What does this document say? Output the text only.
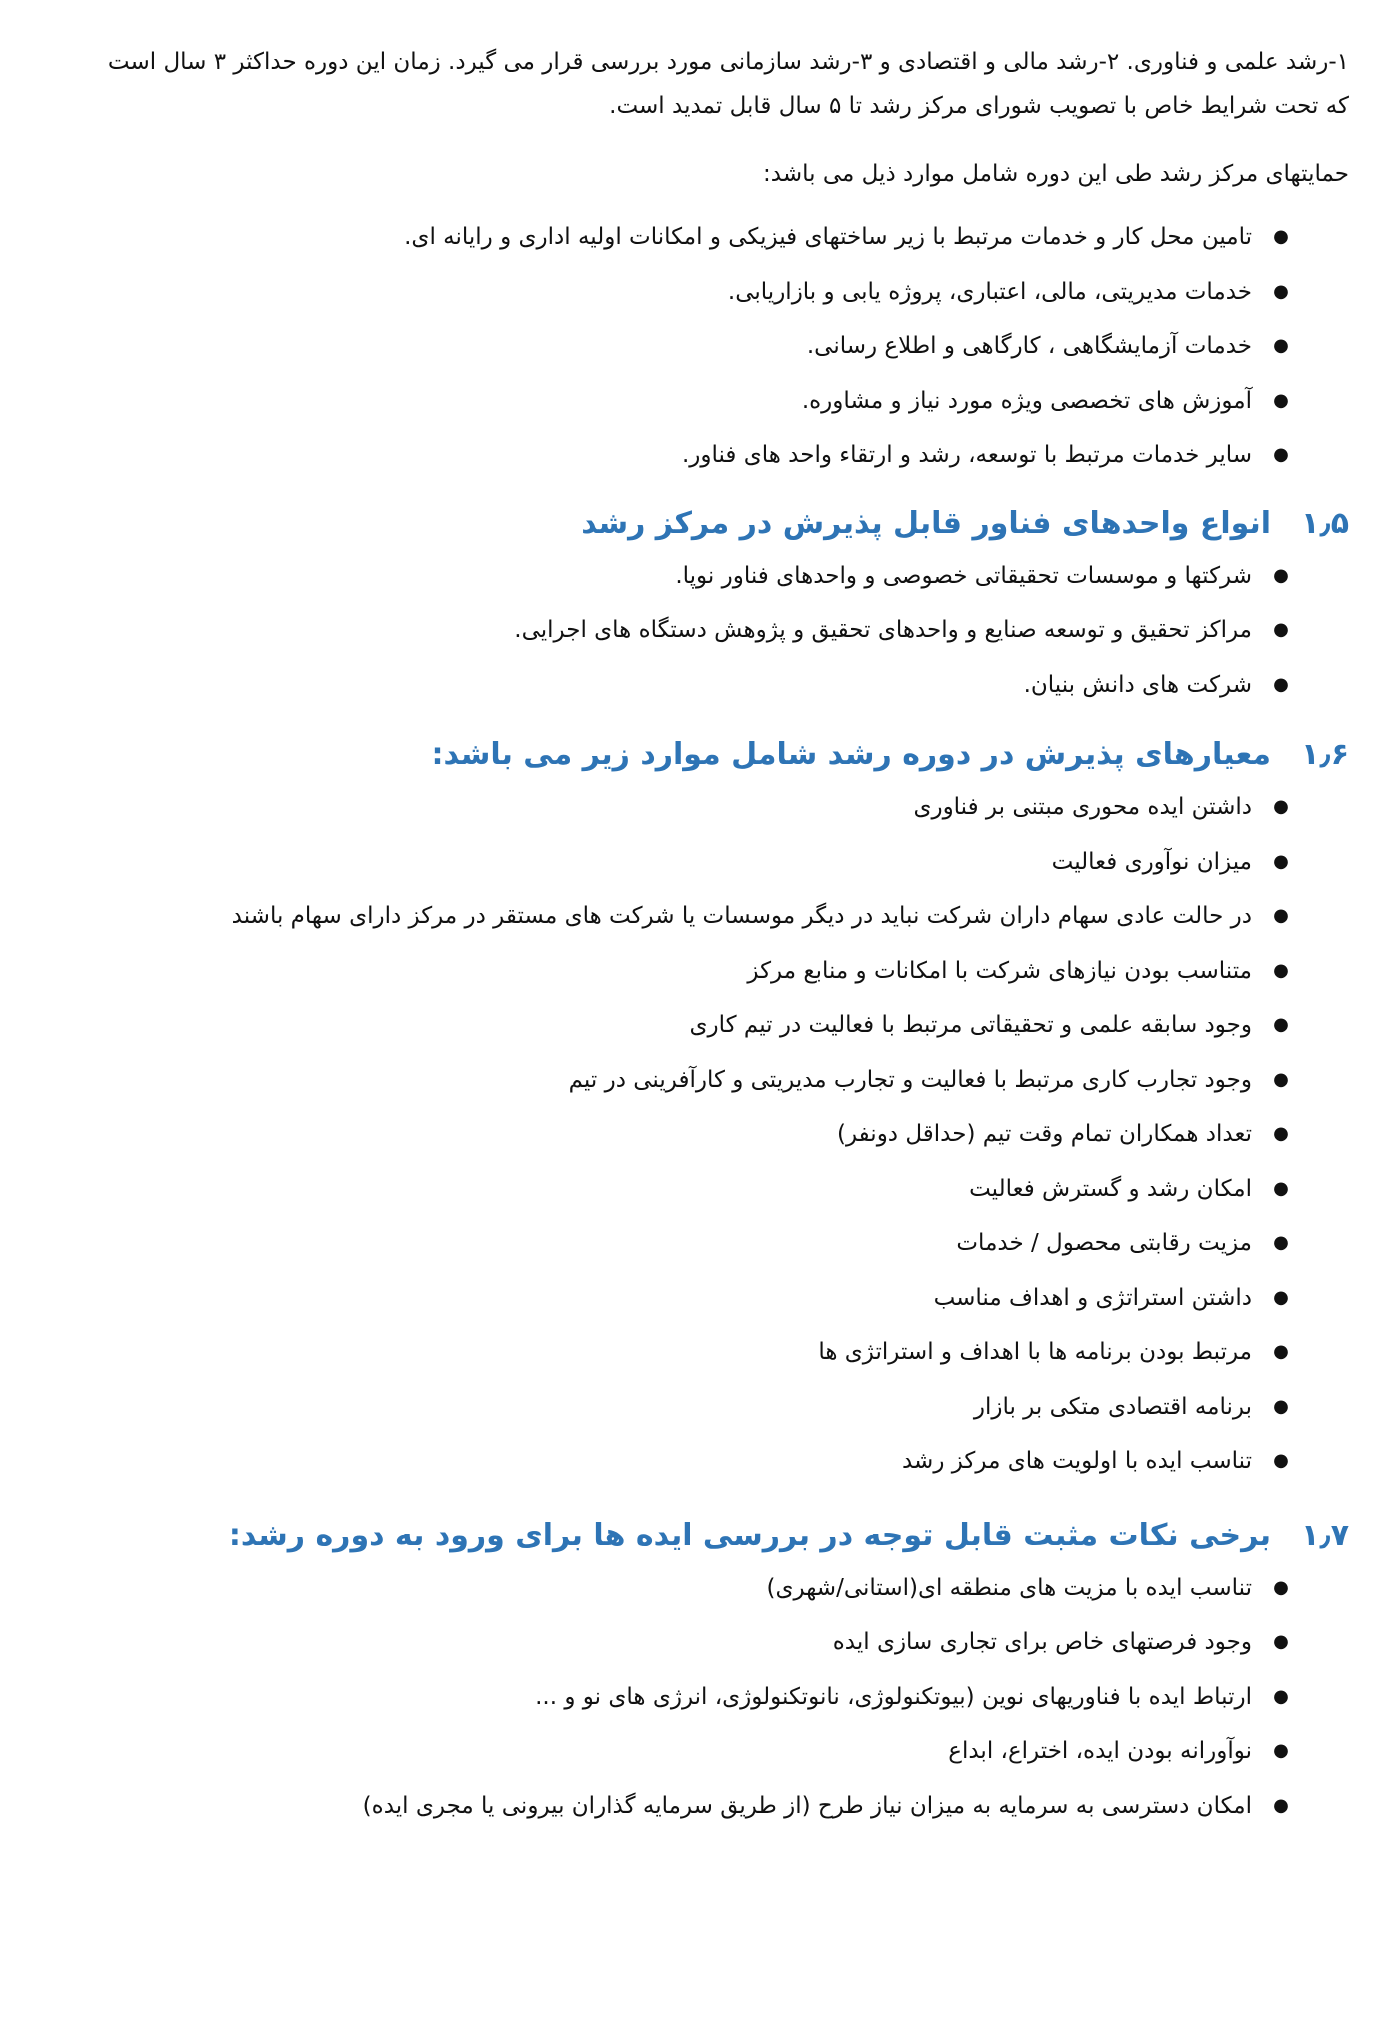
۱-رشد علمی و فناوری. ۲-رشد مالی و اقتصادی و ۳-رشد سازمانی مورد بررسی قرار می گیرد. زمان این دوره حداکثر ۳ سال است
که تحت شرایط خاص با تصویب شورای مرکز رشد تا ۵ سال قابل تمدید است.

حمایتهای مرکز رشد طی این دوره شامل موارد ذیل می باشد:

●
تامین محل کار و خدمات مرتبط با زیر ساختهای فیزیکی و امکانات اولیه اداری و رایانه ای.
●
خدمات مدیریتی، مالی، اعتباری، پروژه یابی و بازاریابی.
●
خدمات آزمایشگاهی ، کارگاهی و اطلاع رسانی.
●
آموزش های تخصصی ویژه مورد نیاز و مشاوره.
●
سایر خدمات مرتبط با توسعه، رشد و ارتقاء واحد های فناور.
۱٫۵
انواع واحدهای فناور قابل پذیرش در مرکز رشد
●
شرکتها و موسسات تحقیقاتی خصوصی و واحدهای فناور نوپا.
●
مراکز تحقیق و توسعه صنایع و واحدهای تحقیق و پژوهش دستگاه های اجرایی.
●
شرکت های دانش بنیان.
۱٫۶
معیارهای پذیرش در دوره رشد شامل موارد زیر می باشد
:
●
داشتن ایده محوری مبتنی بر فناوری
●
میزان نوآوری فعالیت
●
در حالت عادی سهام داران شرکت نباید در دیگر موسسات یا شرکت های مستقر در مرکز دارای سهام باشند
●
متناسب بودن نیازهای شرکت با امکانات و منابع مرکز
●
وجود سابقه علمی و تحقیقاتی مرتبط با فعالیت در تیم کاری
●
وجود تجارب کاری مرتبط با فعالیت و تجارب مدیریتی و کارآفرینی در تیم
●
تعداد همکاران تمام وقت تیم (حداقل دونفر)
●
امکان رشد و گسترش فعالیت
●
مزیت رقابتی محصول / خدمات
●
داشتن استراتژی و اهداف مناسب
●
مرتبط بودن برنامه ها با اهداف و استراتژی ها
●
برنامه اقتصادی متکی بر بازار
●
تناسب ایده با اولویت های مرکز رشد
۱٫۷
برخی نکات مثبت قابل توجه در بررسی ایده ها برای ورود به دوره رشد
:
●
تناسب ایده با مزیت های منطقه ای(استانی/شهری)
●
وجود فرصتهای خاص برای تجاری سازی ایده
●
ارتباط ایده با فناوریهای نوین (بیوتکنولوژی، نانوتکنولوژی، انرژی های نو و ...
●
نوآورانه بودن ایده، اختراع، ابداع
●
امکان دسترسی به سرمایه به میزان نیاز طرح (از طریق سرمایه گذاران بیرونی یا مجری ایده)
